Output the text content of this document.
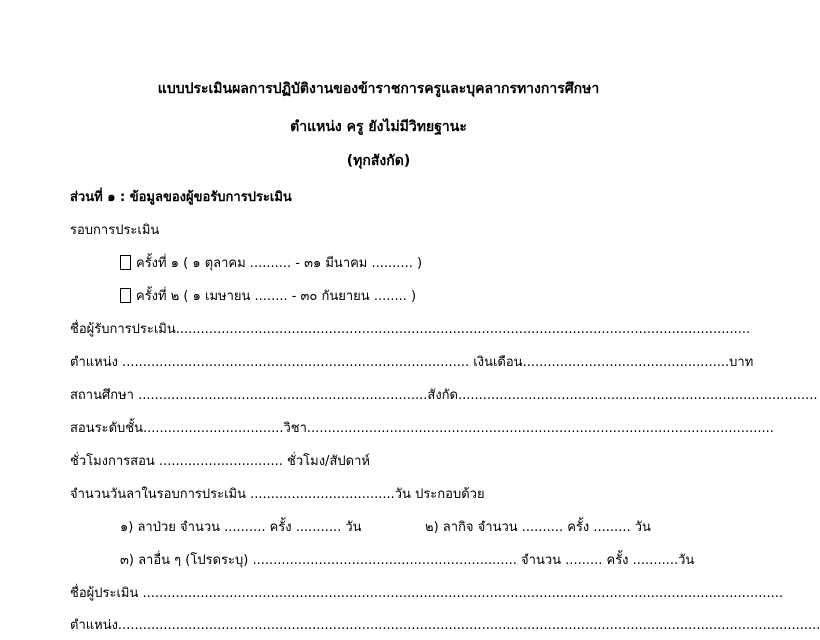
แบบประเมินผลการปฏิบัติงานของข้าราชการครูและบุคลากรทางการศึกษา
ตำแหน่ง ครู ยังไม่มีวิทยฐานะ
(ทุกสังกัด)
ส่วนที่ ๑ : ข้อมูลของผู้ขอรับการประเมิน
รอบการประเมิน
ครั้งที่ ๑ ( ๑ ตุลาคม .......... - ๓๑ มีนาคม .......... )
ครั้งที่ ๒ ( ๑ เมษายน ........ - ๓๐ กันยายน ........ )
ชื่อผู้รับการประเมิน...........................................................................................................................................
ตำแหน่ง .................................................................................... เงินเดือน..................................................บาท
สถานศึกษา ......................................................................สังกัด.......................................................................................
สอนระดับชั้น..................................วิชา.................................................................................................................
ชั่วโมงการสอน .............................. ชั่วโมง/สัปดาห์
จำนวนวันลาในรอบการประเมิน ...................................วัน ประกอบด้วย
๑) ลาป่วย จำนวน .......... ครั้ง ........... วัน	๒) ลากิจ จำนวน .......... ครั้ง ......... วัน
๓) ลาอื่น ๆ (โปรดระบุ) ................................................................ จำนวน ......... ครั้ง ...........วัน
ชื่อผู้ประเมิน ...........................................................................................................................................................
ตำแหน่ง..........................................................................................................................................................................
